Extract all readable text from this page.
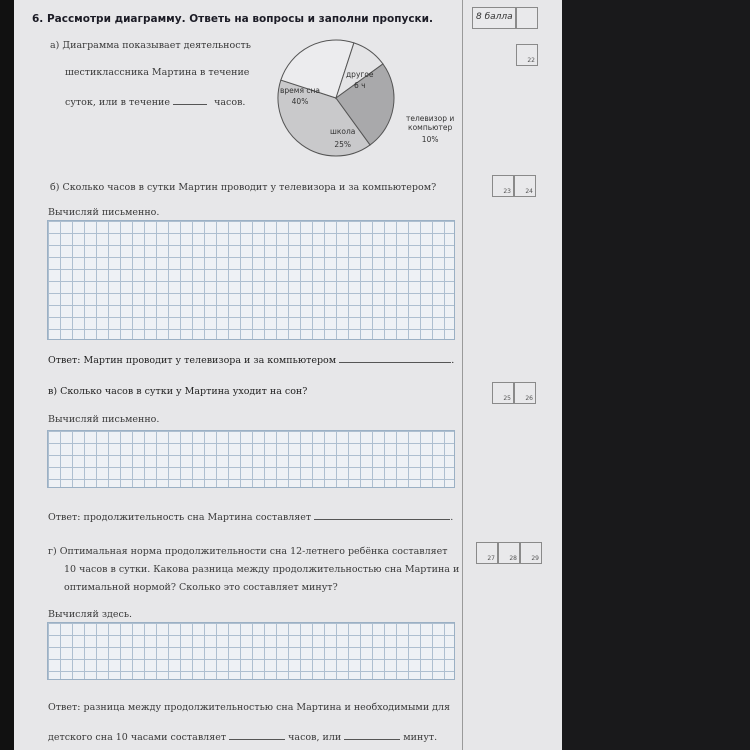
8 балла
6. Рассмотри диаграмму. Ответь на вопросы и заполни пропуски.
а) Диаграмма показывает деятельность
шестиклассника Мартина в течение
суток, или в течение	часов.
22
время сна
40%
другое
6 ч
школа
25%
телевизор и
компьютер
10%
б) Сколько часов в сутки Мартин проводит у телевизора и за компьютером?	23 24
Вычисляй письменно.
Ответ: Мартин проводит у телевизора и за компьютером	.
в) Сколько часов в сутки у Мартина уходит на сон?
25 26
Вычисляй письменно.
Ответ: продолжительность сна Мартина составляет	.
г) Оптимальная норма продолжительности сна 12-летнего ребёнка составляет
10 часов в сутки. Какова разница между продолжительностью сна Мартина и
оптимальной нормой? Сколько это составляет минут?
27 28 29
Вычисляй здесь.
Ответ: разница между продолжительностью сна Мартина и необходимыми для
детского сна 10 часами составляет	часов, или	минут.
